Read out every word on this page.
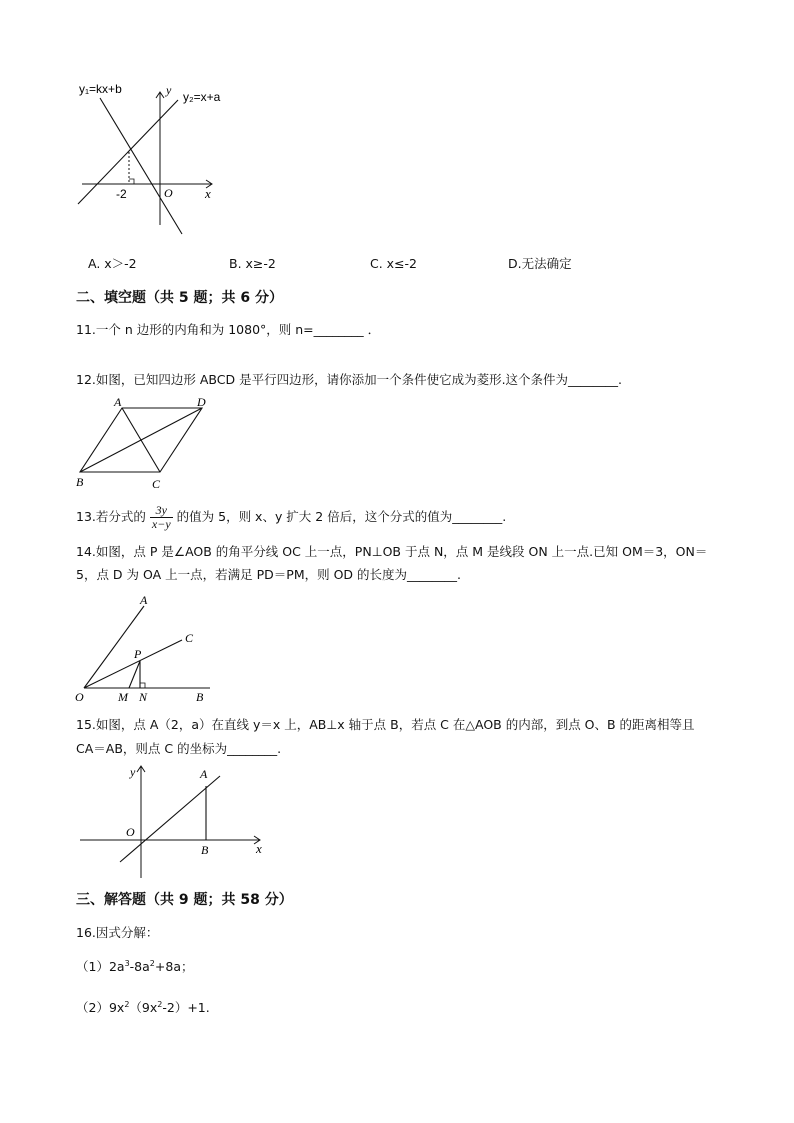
y₁=kx+b
y₂=x+a
y
x
O
-2
A. x＞-2	B. x≥-2	C. x≤-2	D.无法确定
二、填空题（共 5 题；共 6 分）
11.一个 n 边形的内角和为 1080°，则 n=________ ．
12.如图，已知四边形 ABCD 是平行四边形，请你添加一个条件使它成为菱形.这个条件为________.
A	D
B	C
13.若分式的 $\frac{3y}{x-y}$ 的值为 5，则 x、y 扩大 2 倍后，这个分式的值为________.
14.如图，点 P 是∠AOB 的角平分线 OC 上一点，PN⊥OB 于点 N，点 M 是线段 ON 上一点.已知 OM＝3，ON＝
5，点 D 为 OA 上一点，若满足 PD＝PM，则 OD 的长度为________.
A
C
P
O	M N	B
15.如图，点 A（2，a）在直线 y＝x 上，AB⊥x 轴于点 B，若点 C 在△AOB 的内部，到点 O、B 的距离相等且
CA＝AB，则点 C 的坐标为________.
y
x
A
O
B
三、解答题（共 9 题；共 58 分）
16.因式分解：
$(1)2a^3-8a^2+8a$；
$(2)9x^2(9x^2-2)+1$.
